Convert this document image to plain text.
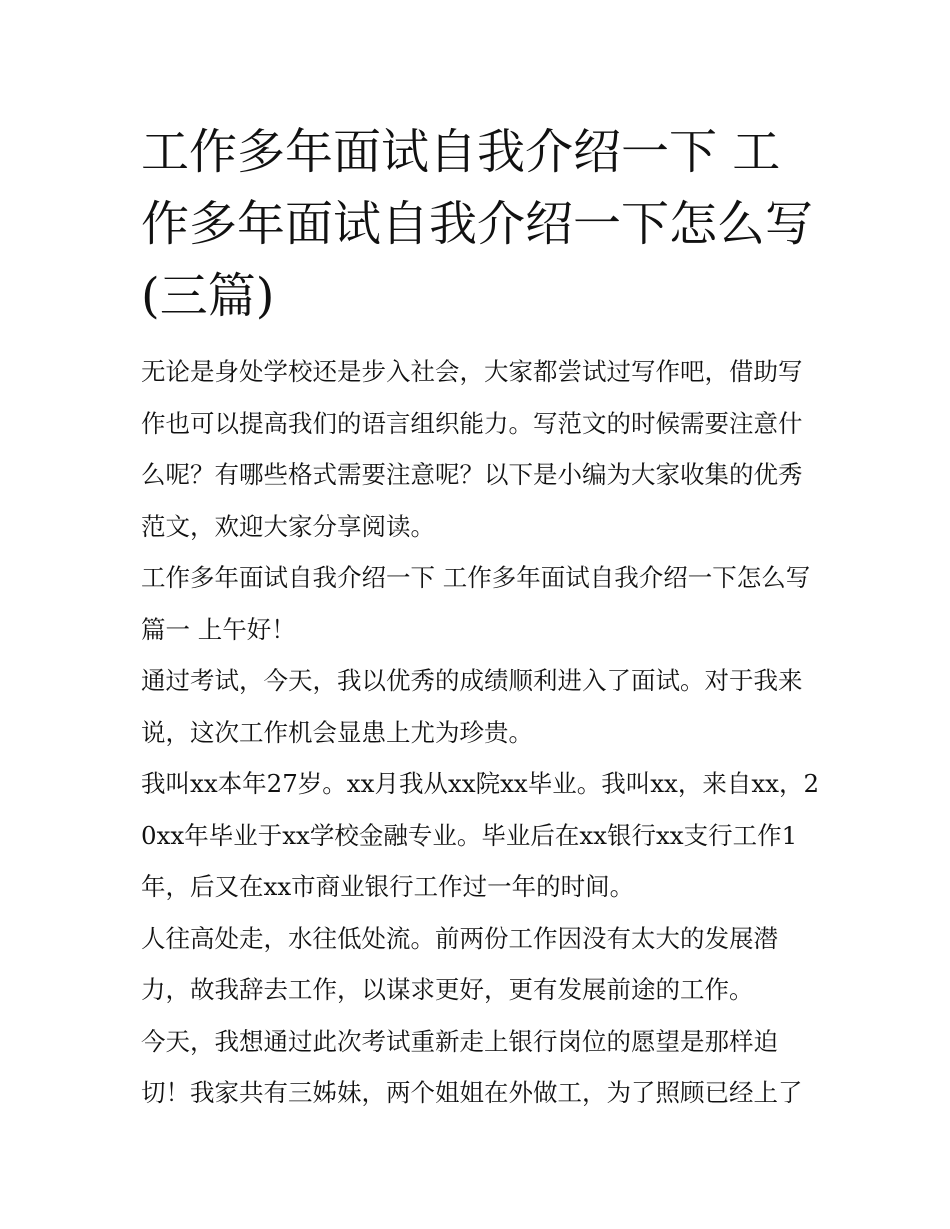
工作多年面试自我介绍一下 工作多年面试自我介绍一下怎么写(三篇)

无论是身处学校还是步入社会，大家都尝试过写作吧，借助写作也可以提高我们的语言组织能力。写范文的时候需要注意什么呢？有哪些格式需要注意呢？以下是小编为大家收集的优秀范文，欢迎大家分享阅读。

工作多年面试自我介绍一下 工作多年面试自我介绍一下怎么写篇一 上午好！

通过考试，今天，我以优秀的成绩顺利进入了面试。对于我来说，这次工作机会显患上尤为珍贵。

我叫xx本年27岁。xx月我从xx院xx毕业。我叫xx，来自xx，20xx年毕业于xx学校金融专业。毕业后在xx银行xx支行工作1年，后又在xx市商业银行工作过一年的时间。

人往高处走，水往低处流。前两份工作因没有太大的发展潜力，故我辞去工作，以谋求更好，更有发展前途的工作。

今天，我想通过此次考试重新走上银行岗位的愿望是那样迫切！我家共有三姊妹，两个姐姐在外做工，为了照顾已经上了
